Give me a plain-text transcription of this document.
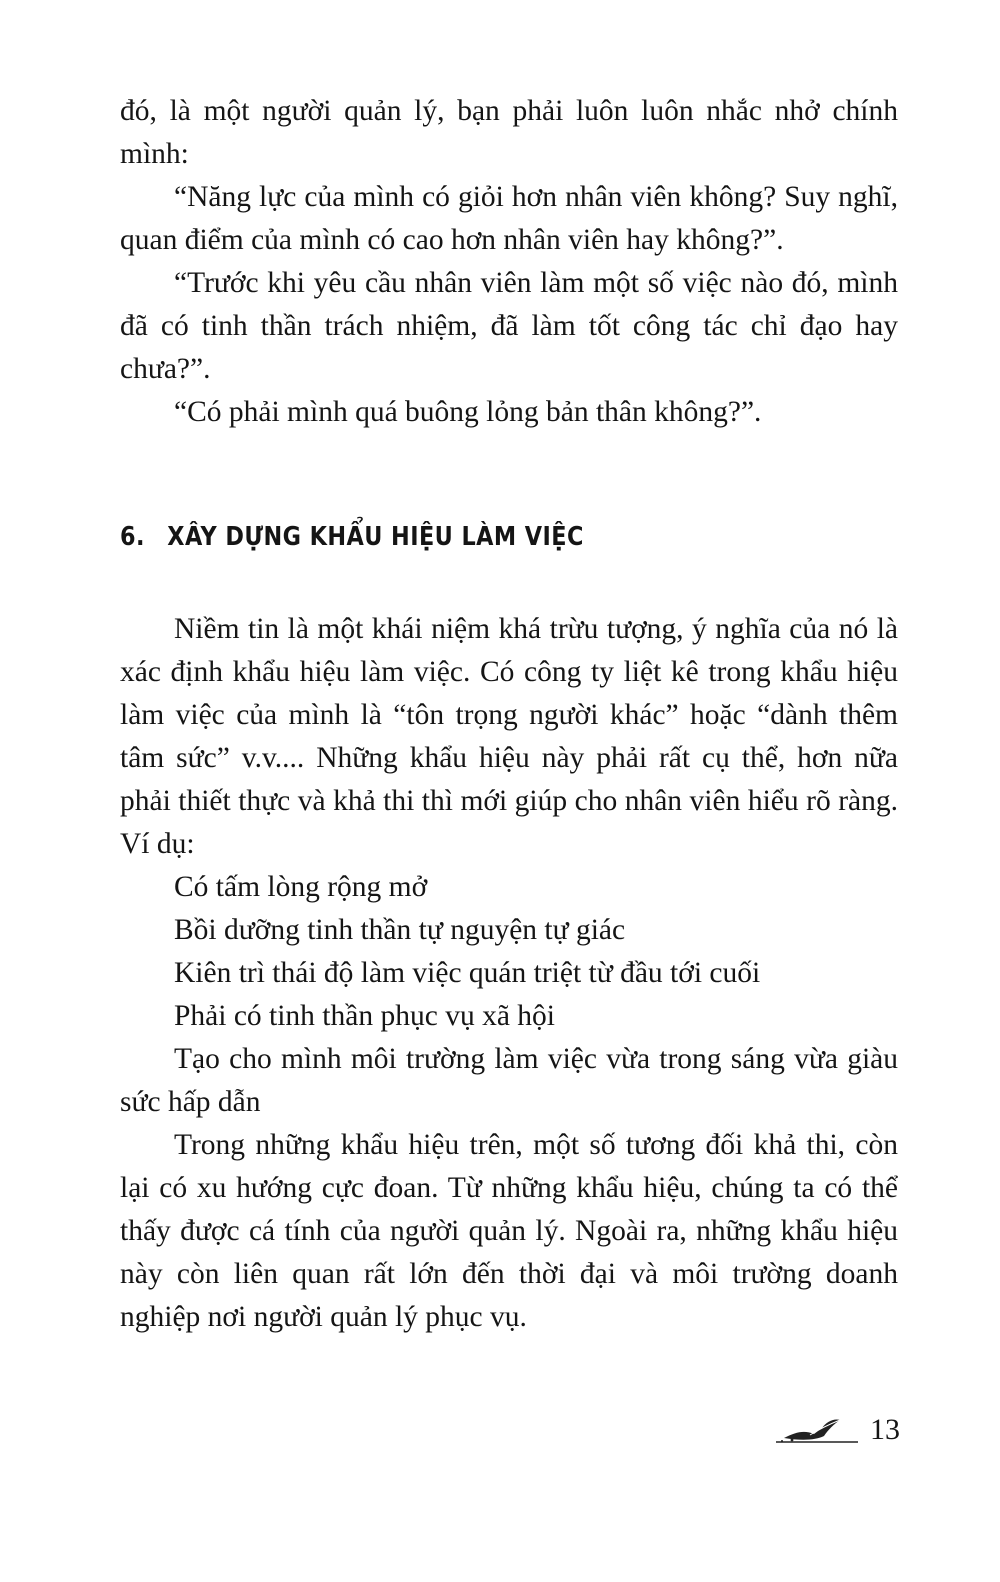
đó, là một người quản lý, bạn phải luôn luôn nhắc nhở chính mình:

“Năng lực của mình có giỏi hơn nhân viên không? Suy nghĩ, quan điểm của mình có cao hơn nhân viên hay không?”.

“Trước khi yêu cầu nhân viên làm một số việc nào đó, mình đã có tinh thần trách nhiệm, đã làm tốt công tác chỉ đạo hay chưa?”.

“Có phải mình quá buông lỏng bản thân không?”.

6. XÂY DỰNG KHẨU HIỆU LÀM VIỆC

Niềm tin là một khái niệm khá trừu tượng, ý nghĩa của nó là xác định khẩu hiệu làm việc. Có công ty liệt kê trong khẩu hiệu làm việc của mình là “tôn trọng người khác” hoặc “dành thêm tâm sức” v.v.... Những khẩu hiệu này phải rất cụ thể, hơn nữa phải thiết thực và khả thi thì mới giúp cho nhân viên hiểu rõ ràng. Ví dụ:

Có tấm lòng rộng mở

Bồi dưỡng tinh thần tự nguyện tự giác

Kiên trì thái độ làm việc quán triệt từ đầu tới cuối

Phải có tinh thần phục vụ xã hội

Tạo cho mình môi trường làm việc vừa trong sáng vừa giàu sức hấp dẫn

Trong những khẩu hiệu trên, một số tương đối khả thi, còn lại có xu hướng cực đoan. Từ những khẩu hiệu, chúng ta có thể thấy được cá tính của người quản lý. Ngoài ra, những khẩu hiệu này còn liên quan rất lớn đến thời đại và môi trường doanh nghiệp nơi người quản lý phục vụ.

13
